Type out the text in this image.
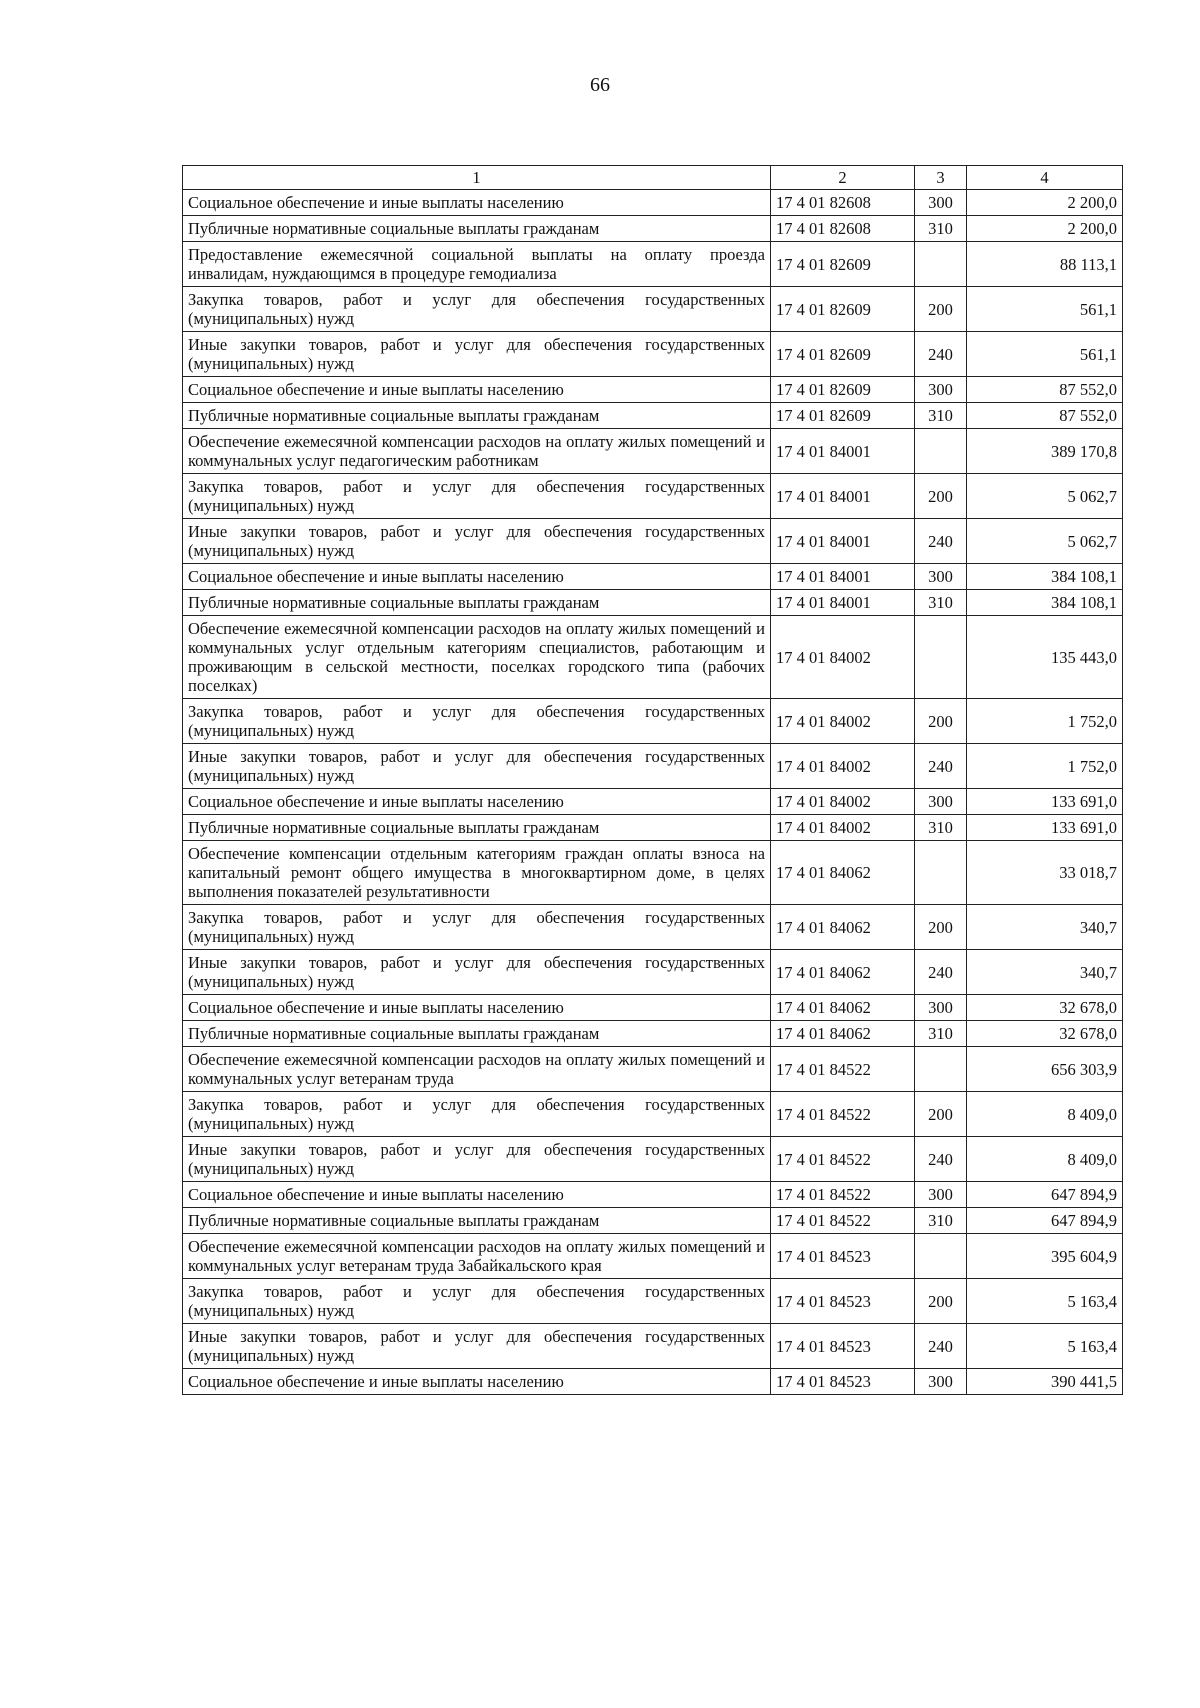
66
1	2	3	4
Социальное обеспечение и иные выплаты населению	17 4 01 82608	300	2 200,0
Публичные нормативные социальные выплаты гражданам	17 4 01 82608	310	2 200,0
Предоставление ежемесячной социальной выплаты на оплату проезда инвалидам, нуждающимся в процедуре гемодиализа	17 4 01 82609		88 113,1
Закупка товаров, работ и услуг для обеспечения государственных (муниципальных) нужд	17 4 01 82609	200	561,1
Иные закупки товаров, работ и услуг для обеспечения государственных (муниципальных) нужд	17 4 01 82609	240	561,1
Социальное обеспечение и иные выплаты населению	17 4 01 82609	300	87 552,0
Публичные нормативные социальные выплаты гражданам	17 4 01 82609	310	87 552,0
Обеспечение ежемесячной компенсации расходов на оплату жилых помещений и коммунальных услуг педагогическим работникам	17 4 01 84001		389 170,8
Закупка товаров, работ и услуг для обеспечения государственных (муниципальных) нужд	17 4 01 84001	200	5 062,7
Иные закупки товаров, работ и услуг для обеспечения государственных (муниципальных) нужд	17 4 01 84001	240	5 062,7
Социальное обеспечение и иные выплаты населению	17 4 01 84001	300	384 108,1
Публичные нормативные социальные выплаты гражданам	17 4 01 84001	310	384 108,1
Обеспечение ежемесячной компенсации расходов на оплату жилых помещений и коммунальных услуг отдельным категориям специалистов, работающим и проживающим в сельской местности, поселках городского типа (рабочих поселках)	17 4 01 84002		135 443,0
Закупка товаров, работ и услуг для обеспечения государственных (муниципальных) нужд	17 4 01 84002	200	1 752,0
Иные закупки товаров, работ и услуг для обеспечения государственных (муниципальных) нужд	17 4 01 84002	240	1 752,0
Социальное обеспечение и иные выплаты населению	17 4 01 84002	300	133 691,0
Публичные нормативные социальные выплаты гражданам	17 4 01 84002	310	133 691,0
Обеспечение компенсации отдельным категориям граждан оплаты взноса на капитальный ремонт общего имущества в многоквартирном доме, в целях выполнения показателей результативности	17 4 01 84062		33 018,7
Закупка товаров, работ и услуг для обеспечения государственных (муниципальных) нужд	17 4 01 84062	200	340,7
Иные закупки товаров, работ и услуг для обеспечения государственных (муниципальных) нужд	17 4 01 84062	240	340,7
Социальное обеспечение и иные выплаты населению	17 4 01 84062	300	32 678,0
Публичные нормативные социальные выплаты гражданам	17 4 01 84062	310	32 678,0
Обеспечение ежемесячной компенсации расходов на оплату жилых помещений и коммунальных услуг ветеранам труда	17 4 01 84522		656 303,9
Закупка товаров, работ и услуг для обеспечения государственных (муниципальных) нужд	17 4 01 84522	200	8 409,0
Иные закупки товаров, работ и услуг для обеспечения государственных (муниципальных) нужд	17 4 01 84522	240	8 409,0
Социальное обеспечение и иные выплаты населению	17 4 01 84522	300	647 894,9
Публичные нормативные социальные выплаты гражданам	17 4 01 84522	310	647 894,9
Обеспечение ежемесячной компенсации расходов на оплату жилых помещений и коммунальных услуг ветеранам труда Забайкальского края	17 4 01 84523		395 604,9
Закупка товаров, работ и услуг для обеспечения государственных (муниципальных) нужд	17 4 01 84523	200	5 163,4
Иные закупки товаров, работ и услуг для обеспечения государственных (муниципальных) нужд	17 4 01 84523	240	5 163,4
Социальное обеспечение и иные выплаты населению	17 4 01 84523	300	390 441,5
